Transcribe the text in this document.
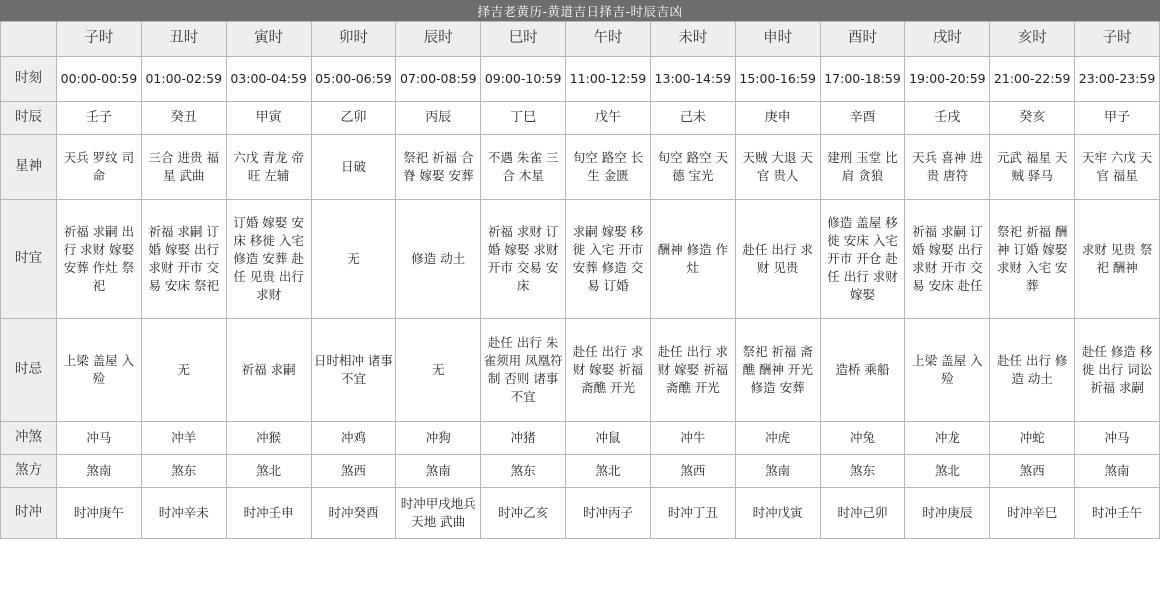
择吉老黄历-黄道吉日择吉-时辰吉凶
	子时	丑时	寅时	卯时	辰时	巳时	午时	未时	申时	酉时	戌时	亥时	子时
时刻	00:00-00:59	01:00-02:59	03:00-04:59	05:00-06:59	07:00-08:59	09:00-10:59	11:00-12:59	13:00-14:59	15:00-16:59	17:00-18:59	19:00-20:59	21:00-22:59	23:00-23:59
时辰	壬子	癸丑	甲寅	乙卯	丙辰	丁巳	戊午	己未	庚申	辛酉	壬戌	癸亥	甲子
星神	天兵 罗纹 司命	三合 进贵 福星 武曲	六戊 青龙 帝旺 左辅	日破	祭祀 祈福 合脊 嫁娶 安葬	不遇 朱雀 三合 木星	旬空 路空 长生 金匮	旬空 路空 天德 宝光	天贼 大退 天官 贵人	建刑 玉堂 比肩 贪狼	天兵 喜神 进贵 唐符	元武 福星 天贼 驿马	天牢 六戊 天官 福星
时宜	祈福 求嗣 出行 求财 嫁娶 安葬 作灶 祭祀	祈福 求嗣 订婚 嫁娶 出行 求财 开市 交易 安床 祭祀	订婚 嫁娶 安床 移徙 入宅 修造 安葬 赴任 见贵 出行 求财	无	修造 动土	祈福 求财 订婚 嫁娶 求财 开市 交易 安床	求嗣 嫁娶 移徙 入宅 开市 安葬 修造 交易 订婚	酬神 修造 作灶	赴任 出行 求财 见贵	修造 盖屋 移徙 安床 入宅 开市 开仓 赴任 出行 求财 嫁娶	祈福 求嗣 订婚 嫁娶 出行 求财 开市 交易 安床 赴任	祭祀 祈福 酬神 订婚 嫁娶 求财 入宅 安葬	求财 见贵 祭祀 酬神
时忌	上梁 盖屋 入殓	无	祈福 求嗣	日时相冲 诸事不宜	无	赴任 出行 朱雀须用 凤凰符制 否则 诸事不宜	赴任 出行 求财 嫁娶 祈福 斋醮 开光	赴任 出行 求财 嫁娶 祈福 斋醮 开光	祭祀 祈福 斋醮 酬神 开光 修造 安葬	造桥 乘船	上梁 盖屋 入殓	赴任 出行 修造 动土	赴任 修造 移徙 出行 词讼 祈福 求嗣
冲煞	冲马	冲羊	冲猴	冲鸡	冲狗	冲猪	冲鼠	冲牛	冲虎	冲兔	冲龙	冲蛇	冲马
煞方	煞南	煞东	煞北	煞西	煞南	煞东	煞北	煞西	煞南	煞东	煞北	煞西	煞南
时冲	时冲庚午	时冲辛未	时冲壬申	时冲癸酉	时冲甲戌地兵 天地 武曲	时冲乙亥	时冲丙子	时冲丁丑	时冲戊寅	时冲己卯	时冲庚辰	时冲辛巳	时冲壬午
